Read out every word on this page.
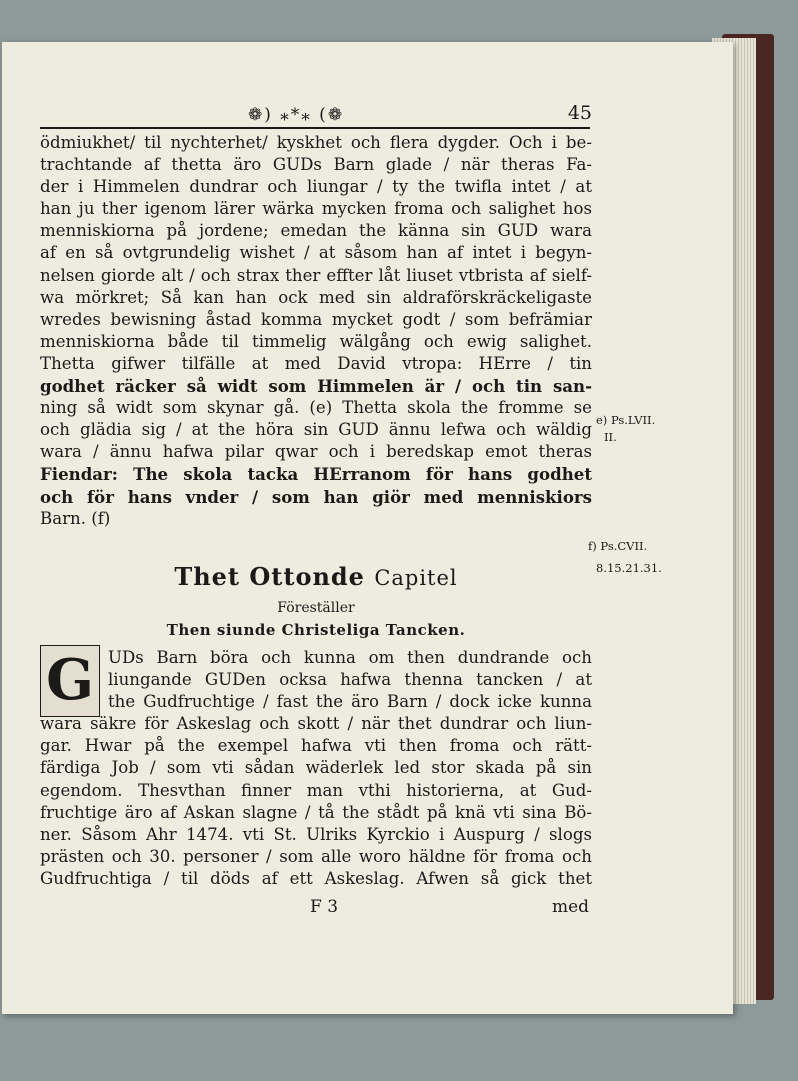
❁) ⁎*⁎ (❁	45
ödmiukhet/ til nychterhet/ kyskhet och flera dygder. Och i be-
trachtande af thetta äro GUDs Barn glade / när theras Fa-
der i Himmelen dundrar och liungar / ty the twifla intet / at
han ju ther igenom lärer wärka mycken froma och salighet hos
menniskiorna på jordene; emedan the känna sin GUD wara
af en så ovtgrundelig wishet / at såsom han af intet i begyn-
nelsen giorde alt / och strax ther effter låt liuset vtbrista af sielf-
wa mörkret; Så kan han ock med sin aldraförskräckeligaste
wredes bewisning åstad komma mycket godt / som befrämiar
menniskiorna både til timmelig wälgång och ewig salighet.
Thetta gifwer tilfälle at med David vtropa: HErre / tin
godhet räcker så widt som Himmelen är / och tin san-
ning så widt som skynar gå. (e) Thetta skola the fromme se
och glädia sig / at the höra sin GUD ännu lefwa och wäldig
wara / ännu hafwa pilar qwar och i beredskap emot theras
Fiendar: The skola tacka HErranom för hans godhet
och för hans vnder / som han giör med menniskiors
Barn. (f)
Thet Ottonde Capitel
Föreställer
Then siunde Christeliga Tancken.
G UDs Barn böra och kunna om then dundrande och
liungande GUDen ocksa hafwa thenna tancken / at
the Gudfruchtige / fast the äro Barn / dock icke kunna
wara säkre för Askeslag och skott / när thet dundrar och liun-
gar. Hwar på the exempel hafwa vti then froma och rätt-
färdiga Job / som vti sådan wäderlek led stor skada på sin
egendom. Thesvthan finner man vthi historierna, at Gud-
fruchtige äro af Askan slagne / tå the stådt på knä vti sina Bö-
ner. Såsom Ahr 1474. vti St. Ulriks Kyrckio i Auspurg / slogs
prästen och 30. personer / som alle woro häldne för froma och
Gudfruchtiga / til döds af ett Askeslag. Afwen så gick thet
e) Ps.LVII.
II.
f) Ps.CVII.
8.15.21.31.
F 3	med
